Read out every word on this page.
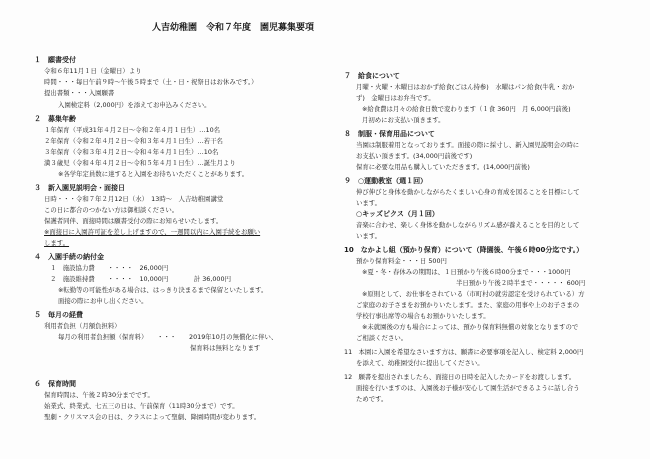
人吉幼稚園　令和７年度　園児募集要項
１　願書受付
令和６年11月１日（金曜日）より
時間・・・毎日午前９時～午後５時まで（土・日・祝祭日はお休みです。）
提出書類・・・入園願書
入園検定料（2,000円）を添えてお申込みください。
２　募集年齢
１年保育（平成31年４月２日～令和２年４月１日生）…10名
２年保育（令和２年４月２日～令和３年４月１日生）…若干名
３年保育（令和３年４月２日～令和４年４月１日生）…10名
満３歳児（令和４年４月２日～令和５年４月１日生）…誕生月より
※各学年定員数に達すると入園をお待ちいただくことがあります。
３　新入園児説明会・面接日
日時・・・令和７年２月12日（水）　13時～　人吉幼稚園講堂
この日に都合のつかない方は御相談ください。
保護者同伴、面接時間は願書受付の際にお知らせいたします。
※面接日に入園許可証を差し上げますので、一週間以内に入園手続をお願い
します。
４　入園手続の納付金
１　施設協力費　　・・・・　26,000円
２　施設維持費　　・・・・　10,000円　　　　計 36,000円
※転勤等の可能性がある場合は、はっきり決まるまで保留といたします。
面接の際にお申し出ください。
５　毎月の経費
利用者負担（月額負担料）
毎月の利用者負担額（保育料）　　・・・　　2019年10月の無償化に伴い、
保育料は無料となります
６　保育時間
保育時間は、午後２時30分までです。
始業式、終業式、七五三の日は、午前保育（11時30分まで）です。
聖劇・クリスマス会の日は、クラスによって聖劇、降園時間が変わります。
７　給食について
月曜・火曜・木曜日はおかず給食(ごはん持参)　水曜はパン給食(牛乳・おか
ず)　金曜日はお弁当です。
※給食費は月々の給食日数で変わります（１食 360円　月 6,000円前後)
月初めにお支払い頂きます。
８　制服・保育用品について
当園は制服着用となっております。面接の際に採寸し、新入園児説明会の時に
お支払い頂きます。(34,000円前後です)
保育に必要な用品も購入していただきます。(14,000円前後)
９　○運動教室（週１回）
伸び伸びと身体を動かしながらたくましい心身の育成を図ることを目標にして
います。
○キッズピクス（月１回）
音楽に合わせ、楽しく身体を動かしながらリズム感が養えることを目的として
います。
10　なかよし組（預かり保育）について（降園後、午後６時00分迄です。）
預かり保育料金・・・日 500円
※夏・冬・春休みの期間は、１日預かり午後６時00分まで・・・1000円
半日預かり午後２時半まで・・・・・ 600円
※原則として、お仕事をされている（市町村の就労認定を受けられている）方
ご家庭のお子さまをお預かりいたします。また、家庭の用事や上のお子さまの
学校行事出席等の場合もお預かりいたします。
※未就園後の方も場合によっては、預かり保育料無償の対象となりますので
ご相談ください。
11　本園に入園を希望なさいます方は、願書に必要事項を記入し、検定料 2,000円
を添えて、幼稚園受付に提出してください。
12　願書を提出されましたら、面接日の日時を記入したカードをお渡しします。
面接を行いますのは、入園後お子様が安心して園生活ができるように話し合う
ためです。
